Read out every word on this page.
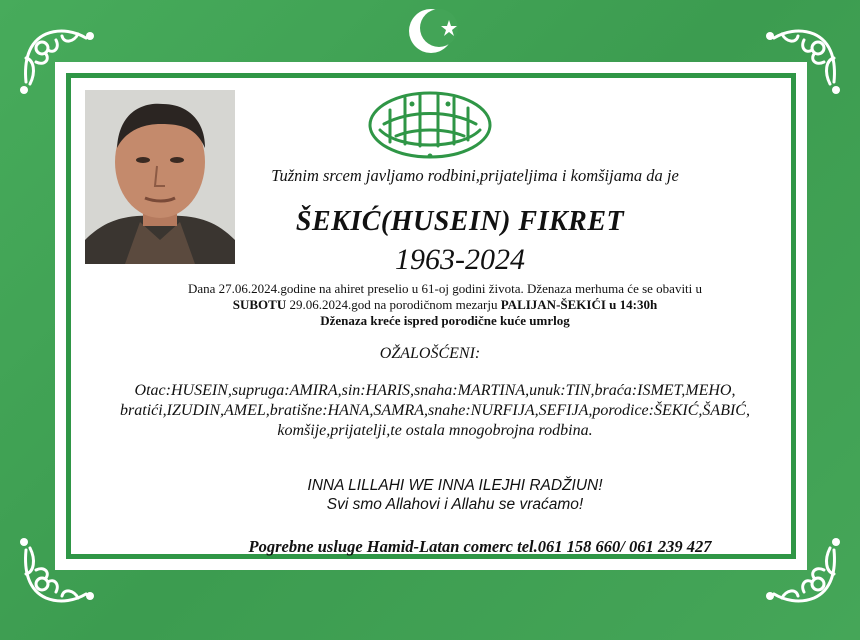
Tužnim srcem javljamo rodbini,prijateljima i komšijama da je
ŠEKIĆ(HUSEIN) FIKRET
1963-2024
Dana 27.06.2024.godine na ahiret preselio u 61-oj godini života. Dženaza merhuma će se obaviti u
SUBOTU 29.06.2024.god na porodičnom mezarju PALIJAN-ŠEKIĆI u 14:30h
Dženaza kreće ispred porodične kuće umrlog
OŽALOŠĆENI:
Otac:HUSEIN,supruga:AMIRA,sin:HARIS,snaha:MARTINA,unuk:TIN,braća:ISMET,MEHO,
bratići,IZUDIN,AMEL,bratišne:HANA,SAMRA,snahe:NURFIJA,SEFIJA,porodice:ŠEKIĆ,ŠABIĆ,
komšije,prijatelji,te ostala mnogobrojna rodbina.
INNA LILLAHI WE INNA ILEJHI RADŽIUN!
Svi smo Allahovi i Allahu se vraćamo!
Pogrebne usluge Hamid-Latan comerc tel.061 158 660/ 061 239 427
